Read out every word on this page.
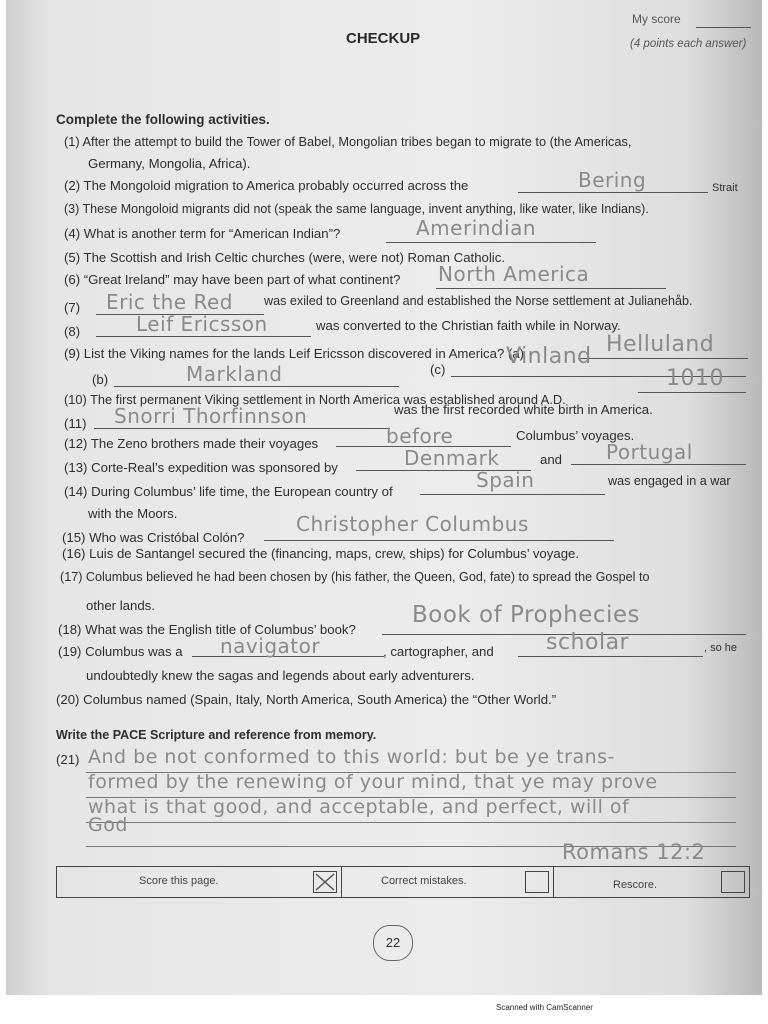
CHECKUP
My score
(4 points each answer)
Complete the following activities.
(1) After the attempt to build the Tower of Babel, Mongolian tribes began to migrate to (the Americas,
Germany, Mongolia, Africa).
(2) The Mongoloid migration to America probably occurred across the	Bering	Strait
(3) These Mongoloid migrants did not (speak the same language, invent anything, like water, like Indians).
(4) What is another term for “American Indian”?	Amerindian
(5) The Scottish and Irish Celtic churches (were, were not) Roman Catholic.
(6) “Great Ireland” may have been part of what continent? North America
(7) Eric the Red was exiled to Greenland and established the Norse settlement at Julianehåb.
(8)	Leif Ericsson	was converted to the Christian faith while in Norway.
(9) List the Viking names for the lands Leif Ericsson discovered in America? (a)	Helluland
(b)	Markland	(c)
Vinland
(10) The first permanent Viking settlement in North America was established around A.D.
1010
(11) Snorri Thorfinnson	was the first recorded white birth in America.
(12) The Zeno brothers made their voyages	before	Columbus’ voyages.
(13) Corte-Real’s expedition was sponsored by	Denmark	and Portugal
(14) During Columbus’ life time, the European country of	Spain	was engaged in a war
with the Moors.
(15) Who was Cristóbal Colón?
Christopher Columbus
(16) Luis de Santangel secured the (financing, maps, crew, ships) for Columbus’ voyage.
(17) Columbus believed he had been chosen by (his father, the Queen, God, fate) to spread the Gospel to
other lands.
(18) What was the English title of Columbus’ book?
Book of Prophecies
(19) Columbus was a navigator	, cartographer, and scholar	, so he
undoubtedly knew the sagas and legends about early adventurers.
(20) Columbus named (Spain, Italy, North America, South America) the “Other World.”
Write the PACE Scripture and reference from memory.
(21) And be not conformed to this world: but be ye trans-
formed by the renewing of your mind, that ye may prove
what is that good, and acceptable, and perfect, will of
God
Romans 12:2
Score this page.	Correct mistakes.	Rescore.
22
Scanned with CamScanner
